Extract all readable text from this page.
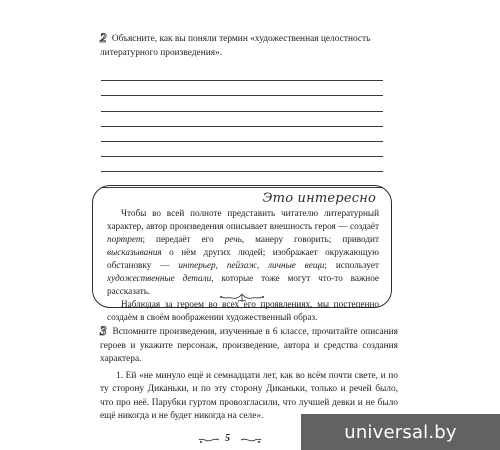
2 Объясните, как вы поняли термин «художественная целостность литературного произведения».
Это интересно

Чтобы во всей полноте представить читателю литературный характер, автор произведения описывает внешность героя — создаёт портрет; передаёт его речь, манеру говорить; приводит высказывания о нём других людей; изображает окружающую обстановку — интерьер, пейзаж, личные вещи; использует художественные детали, которые тоже могут что-то важное рассказать.

Наблюдая за героем во всех его проявлениях, мы постепенно создаём в своём воображении художественный образ.

3 Вспомните произведения, изученные в 6 классе, прочитайте описания героев и укажите персонаж, произведение, автора и средства создания характера.

1. Ей «не минуло ещё и семнадцати лет, как во всём почти свете, и по ту сторону Диканьки, и по эту сторону Диканьки, только и речей было, что про неё. Парубки гуртом провозгласили, что лучшей девки и не было ещё никогда и не будет никогда на селе».

5	universal.by
